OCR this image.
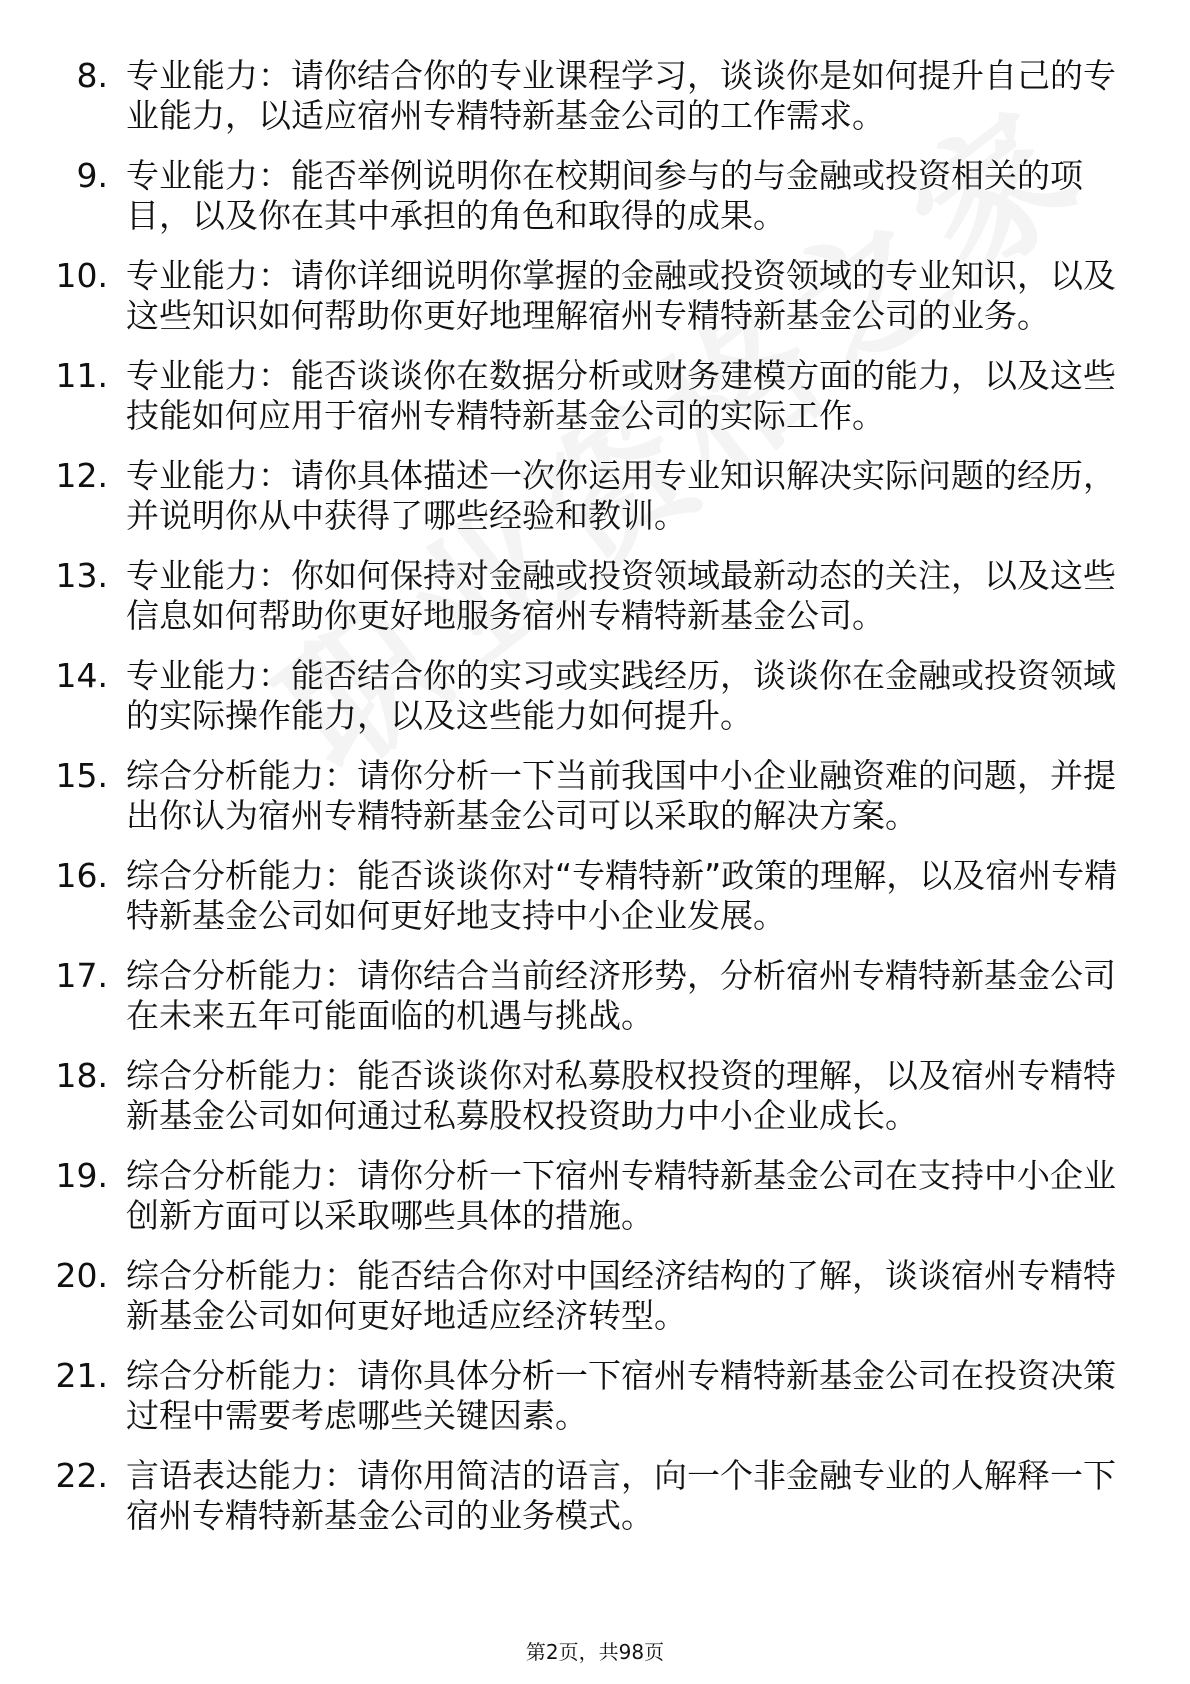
8. 专业能力：请你结合你的专业课程学习，谈谈你是如何提升自己的专业能力，以适应宿州专精特新基金公司的工作需求。
9. 专业能力：能否举例说明你在校期间参与的与金融或投资相关的项目，以及你在其中承担的角色和取得的成果。
10. 专业能力：请你详细说明你掌握的金融或投资领域的专业知识，以及这些知识如何帮助你更好地理解宿州专精特新基金公司的业务。
11. 专业能力：能否谈谈你在数据分析或财务建模方面的能力，以及这些技能如何应用于宿州专精特新基金公司的实际工作。
12. 专业能力：请你具体描述一次你运用专业知识解决实际问题的经历，并说明你从中获得了哪些经验和教训。
13. 专业能力：你如何保持对金融或投资领域最新动态的关注，以及这些信息如何帮助你更好地服务宿州专精特新基金公司。
14. 专业能力：能否结合你的实习或实践经历，谈谈你在金融或投资领域的实际操作能力，以及这些能力如何提升。
15. 综合分析能力：请你分析一下当前我国中小企业融资难的问题，并提出你认为宿州专精特新基金公司可以采取的解决方案。
16. 综合分析能力：能否谈谈你对“专精特新”政策的理解，以及宿州专精特新基金公司如何更好地支持中小企业发展。
17. 综合分析能力：请你结合当前经济形势，分析宿州专精特新基金公司在未来五年可能面临的机遇与挑战。
18. 综合分析能力：能否谈谈你对私募股权投资的理解，以及宿州专精特新基金公司如何通过私募股权投资助力中小企业成长。
19. 综合分析能力：请你分析一下宿州专精特新基金公司在支持中小企业创新方面可以采取哪些具体的措施。
20. 综合分析能力：能否结合你对中国经济结构的了解，谈谈宿州专精特新基金公司如何更好地适应经济转型。
21. 综合分析能力：请你具体分析一下宿州专精特新基金公司在投资决策过程中需要考虑哪些关键因素。
22. 言语表达能力：请你用简洁的语言，向一个非金融专业的人解释一下宿州专精特新基金公司的业务模式。
第2页，共98页
